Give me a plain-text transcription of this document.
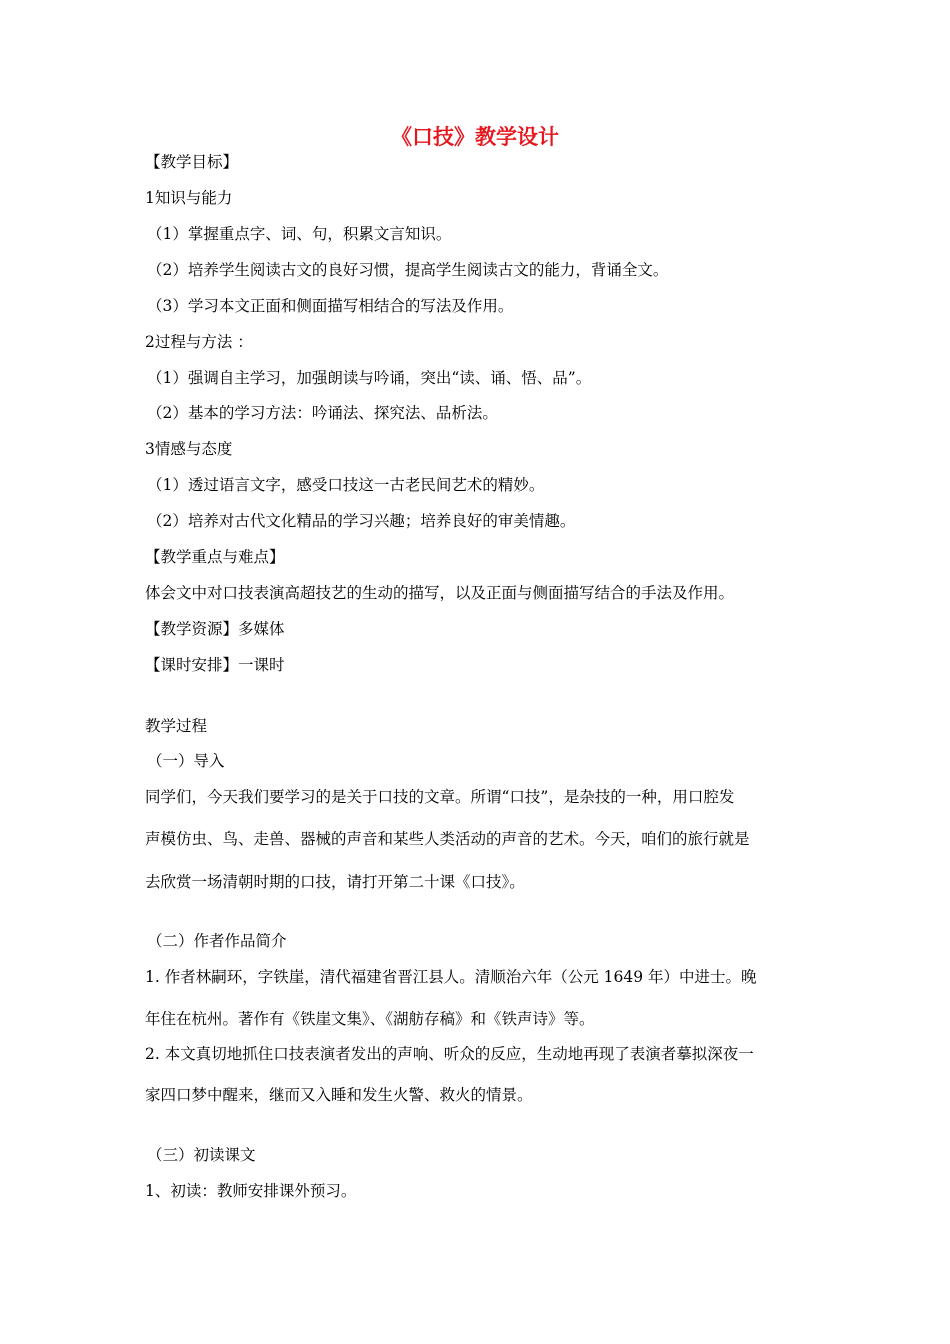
《口技》教学设计
【教学目标】
1知识与能力
（1）掌握重点字、词、句，积累文言知识。
（2）培养学生阅读古文的良好习惯，提高学生阅读古文的能力，背诵全文。
（3）学习本文正面和侧面描写相结合的写法及作用。
2过程与方法 ：
（1）强调自主学习，加强朗读与吟诵，突出“读、诵、悟、品”。
（2）基本的学习方法：吟诵法、探究法、品析法。
3情感与态度
（1）透过语言文字，感受口技这一古老民间艺术的精妙。
（2）培养对古代文化精品的学习兴趣；培养良好的审美情趣。
【教学重点与难点】
体会文中对口技表演高超技艺的生动的描写，以及正面与侧面描写结合的手法及作用。
【教学资源】多媒体
【课时安排】一课时
教学过程
（一）导入
同学们，今天我们要学习的是关于口技的文章。所谓“口技”，是杂技的一种，用口腔发
声模仿虫、鸟、走兽、器械的声音和某些人类活动的声音的艺术。今天，咱们的旅行就是
去欣赏一场清朝时期的口技，请打开第二十课《口技》。
（二）作者作品简介
1. 作者林嗣环，字铁崖，清代福建省晋江县人。清顺治六年（公元 1649 年）中进士。晚
年住在杭州。著作有《铁崖文集》、《湖舫存稿》和《铁声诗》等。
2. 本文真切地抓住口技表演者发出的声响、听众的反应，生动地再现了表演者摹拟深夜一
家四口梦中醒来，继而又入睡和发生火警、救火的情景。
（三）初读课文
1、初读：教师安排课外预习。
